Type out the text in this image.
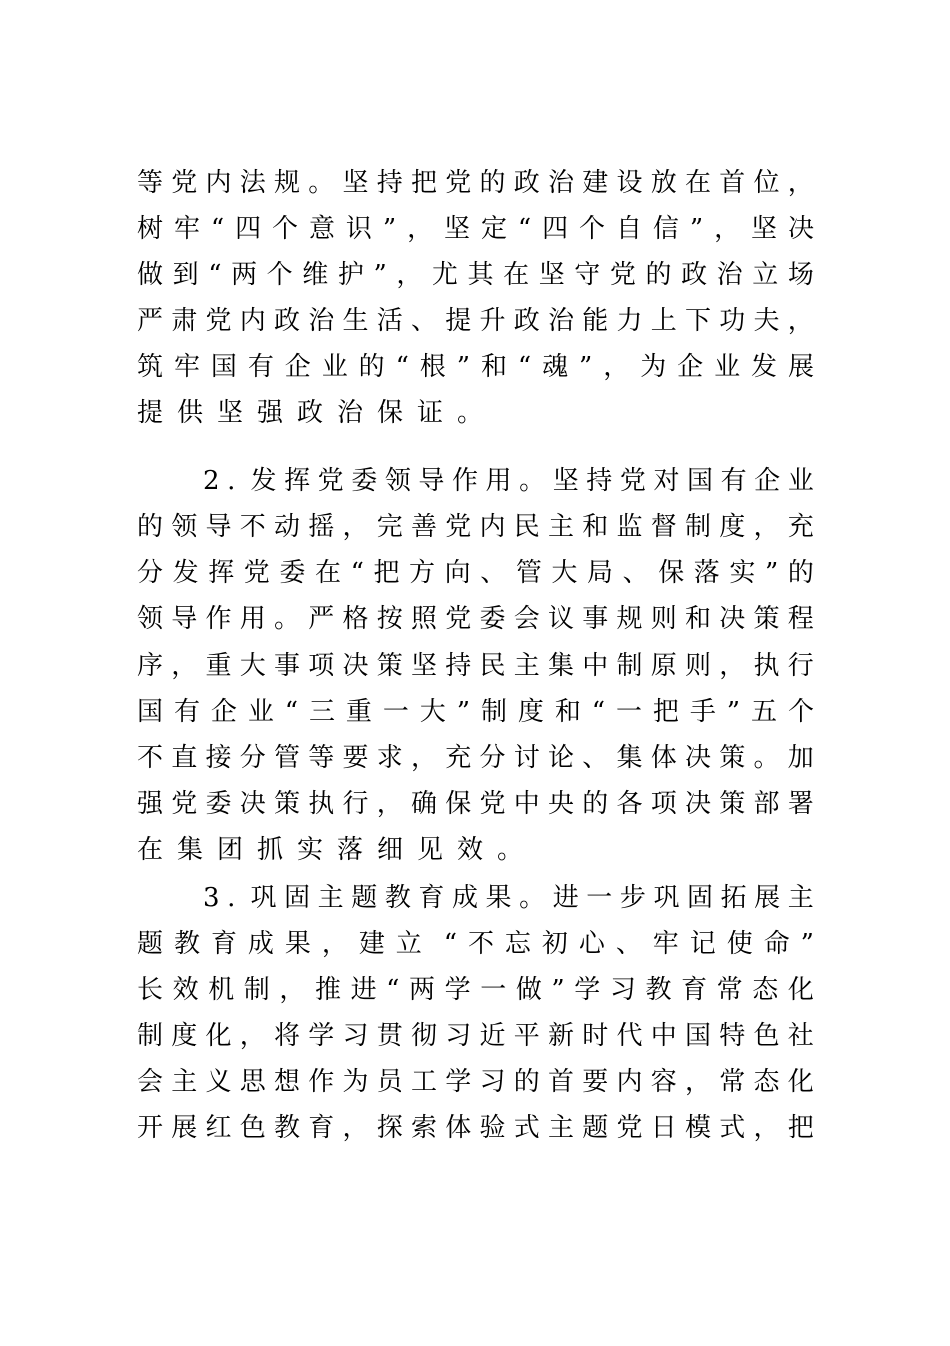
等 党 内 法 规 。 坚 持 把 党 的 政 治 建 设 放 在 首 位 ，
树 牢 “ 四 个 意 识 ” ， 坚 定 “ 四 个 自 信 ” ， 坚 决
做 到 “ 两 个 维 护 ” ， 尤 其 在 坚 守 党 的 政 治 立 场
严 肃 党 内 政 治 生 活 、 提 升 政 治 能 力 上 下 功 夫 ，
筑 牢 国 有 企 业 的 “ 根 ” 和 “ 魂 ” ， 为 企 业 发 展
提供坚强政治保证。
2 . 发 挥 党 委 领 导 作 用 。 坚 持 党 对 国 有 企 业
的 领 导 不 动 摇 ， 完 善 党 内 民 主 和 监 督 制 度 ， 充
分 发 挥 党 委 在 “ 把 方 向 、 管 大 局 、 保 落 实 ” 的
领 导 作 用 。 严 格 按 照 党 委 会 议 事 规 则 和 决 策 程
序 ， 重 大 事 项 决 策 坚 持 民 主 集 中 制 原 则 ， 执 行
国 有 企 业 “ 三 重 一 大 ” 制 度 和 “ 一 把 手 ” 五 个
不 直 接 分 管 等 要 求 ， 充 分 讨 论 、 集 体 决 策 。 加
强 党 委 决 策 执 行 ， 确 保 党 中 央 的 各 项 决 策 部 署
在集团抓实落细见效。
3 . 巩 固 主 题 教 育 成 果 。 进 一 步 巩 固 拓 展 主
题 教 育 成 果 ， 建 立 “ 不 忘 初 心 、 牢 记 使 命 ”
长 效 机 制 ， 推 进 “ 两 学 一 做 ” 学 习 教 育 常 态 化
制 度 化 ， 将 学 习 贯 彻 习 近 平 新 时 代 中 国 特 色 社
会 主 义 思 想 作 为 员 工 学 习 的 首 要 内 容 ， 常 态 化
开 展 红 色 教 育 ， 探 索 体 验 式 主 题 党 日 模 式 ， 把
